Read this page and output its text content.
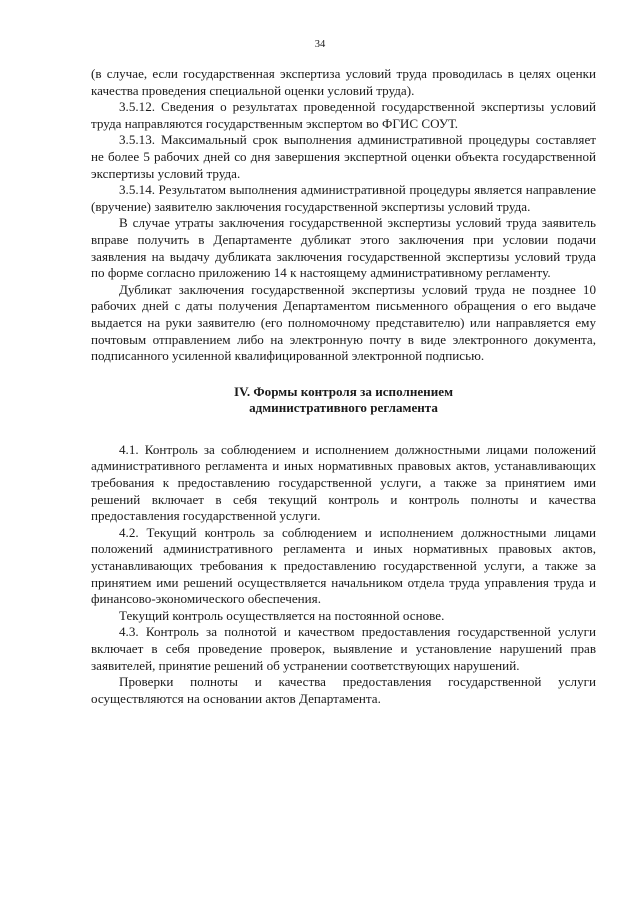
34

(в случае, если государственная экспертиза условий труда проводилась в целях оценки качества проведения специальной оценки условий труда).

3.5.12. Сведения о результатах проведенной государственной экспертизы условий труда направляются государственным экспертом во ФГИС СОУТ.

3.5.13. Максимальный срок выполнения административной процедуры составляет не более 5 рабочих дней со дня завершения экспертной оценки объекта государственной экспертизы условий труда.

3.5.14. Результатом выполнения административной процедуры является направление (вручение) заявителю заключения государственной экспертизы условий труда.

В случае утраты заключения государственной экспертизы условий труда заявитель вправе получить в Департаменте дубликат этого заключения при условии подачи заявления на выдачу дубликата заключения государственной экспертизы условий труда по форме согласно приложению 14 к настоящему административному регламенту.

Дубликат заключения государственной экспертизы условий труда не позднее 10 рабочих дней с даты получения Департаментом письменного обращения о его выдаче выдается на руки заявителю (его полномочному представителю) или направляется ему почтовым отправлением либо на электронную почту в виде электронного документа, подписанного усиленной квалифицированной электронной подписью.

IV. Формы контроля за исполнением
административного регламента

4.1. Контроль за соблюдением и исполнением должностными лицами положений административного регламента и иных нормативных правовых актов, устанавливающих требования к предоставлению государственной услуги, а также за принятием ими решений включает в себя текущий контроль и контроль полноты и качества предоставления государственной услуги.

4.2. Текущий контроль за соблюдением и исполнением должностными лицами положений административного регламента и иных нормативных правовых актов, устанавливающих требования к предоставлению государственной услуги, а также за принятием ими решений осуществляется начальником отдела труда управления труда и финансово-экономического обеспечения.

Текущий контроль осуществляется на постоянной основе.

4.3. Контроль за полнотой и качеством предоставления государственной услуги включает в себя проведение проверок, выявление и установление нарушений прав заявителей, принятие решений об устранении соответствующих нарушений.

Проверки полноты и качества предоставления государственной услуги осуществляются на основании актов Департамента.
